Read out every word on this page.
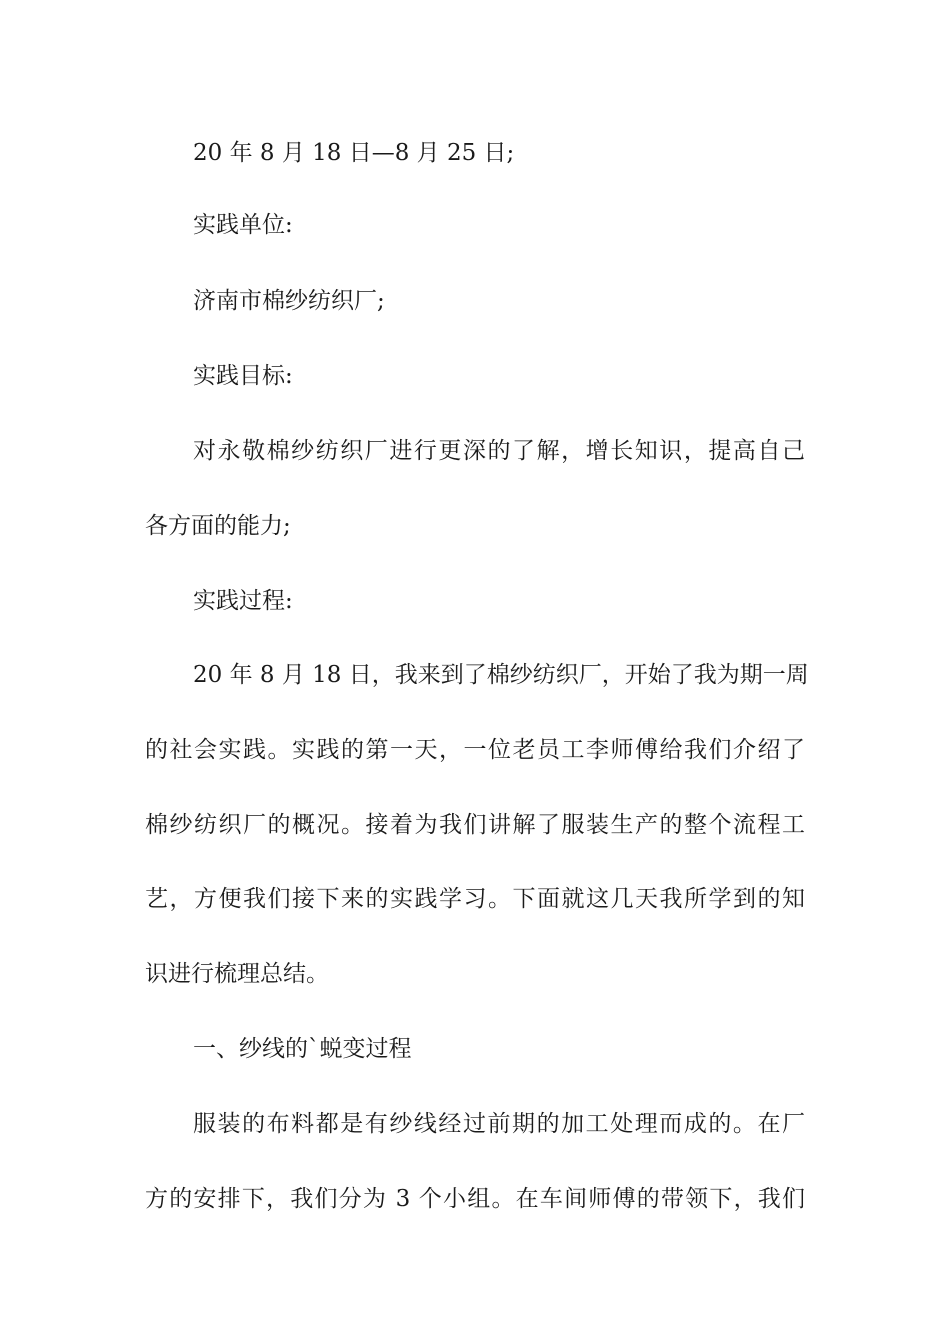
20 年 8 月 18 日—8 月 25 日;
实践单位:
济南市棉纱纺织厂;
实践目标:
对永敬棉纱纺织厂进行更深的了解，增长知识，提高自己
各方面的能力;
实践过程:
20 年 8 月 18 日，我来到了棉纱纺织厂，开始了我为期一周
的社会实践。实践的第一天，一位老员工李师傅给我们介绍了
棉纱纺织厂的概况。接着为我们讲解了服装生产的整个流程工
艺，方便我们接下来的实践学习。下面就这几天我所学到的知
识进行梳理总结。
一、纱线的`蜕变过程
服装的布料都是有纱线经过前期的加工处理而成的。在厂
方的安排下，我们分为 3 个小组。在车间师傅的带领下，我们
